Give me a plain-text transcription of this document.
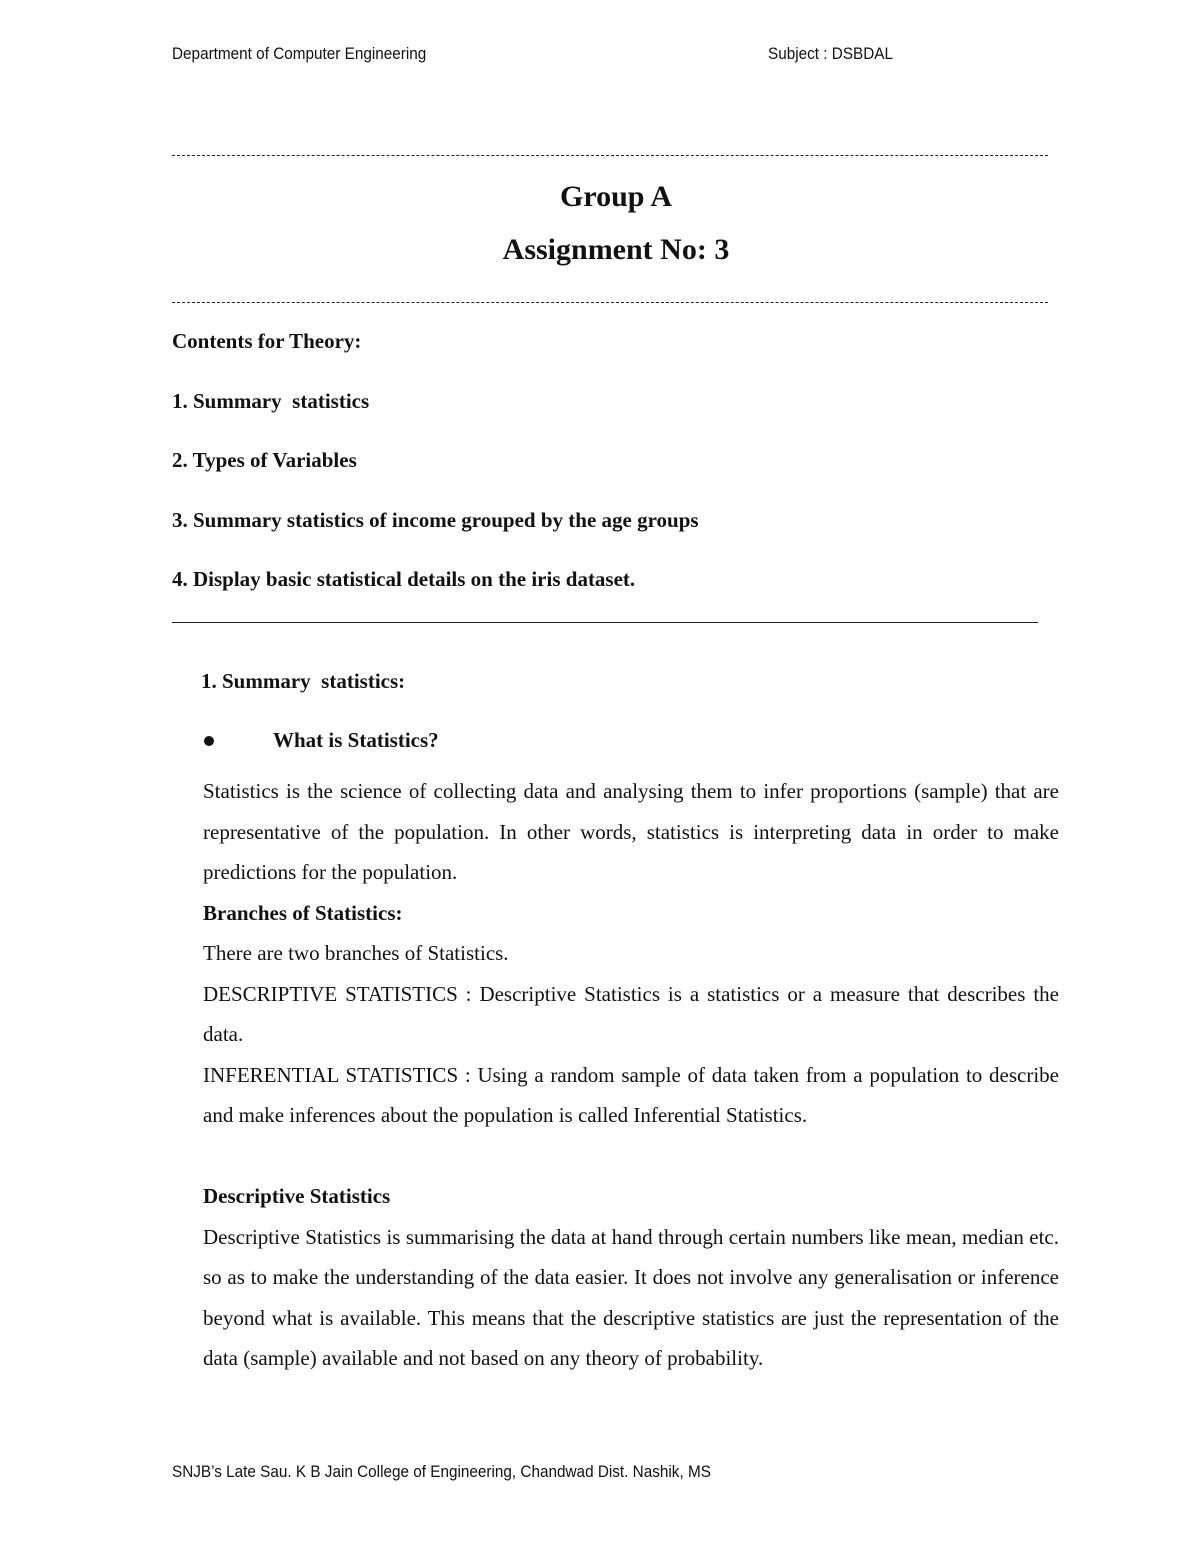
Department of Computer Engineering	Subject : DSBDAL
Group A
Assignment No: 3
Contents for Theory:
1. Summary  statistics
2. Types of Variables
3. Summary statistics of income grouped by the age groups
4. Display basic statistical details on the iris dataset.
1. Summary  statistics:
What is Statistics?

Statistics is the science of collecting data and analysing them to infer proportions (sample) that are representative of the population. In other words, statistics is interpreting data in order to make predictions for the population.

Branches of Statistics:

There are two branches of Statistics.

DESCRIPTIVE STATISTICS : Descriptive Statistics is a statistics or a measure that describes the data.

INFERENTIAL STATISTICS : Using a random sample of data taken from a population to describe and make inferences about the population is called Inferential Statistics.

Descriptive Statistics

Descriptive Statistics is summarising the data at hand through certain numbers like mean, median etc. so as to make the understanding of the data easier. It does not involve any generalisation or inference beyond what is available. This means that the descriptive statistics are just the representation of the data (sample) available and not based on any theory of probability.

SNJB’s Late Sau. K B Jain College of Engineering, Chandwad Dist. Nashik, MS
